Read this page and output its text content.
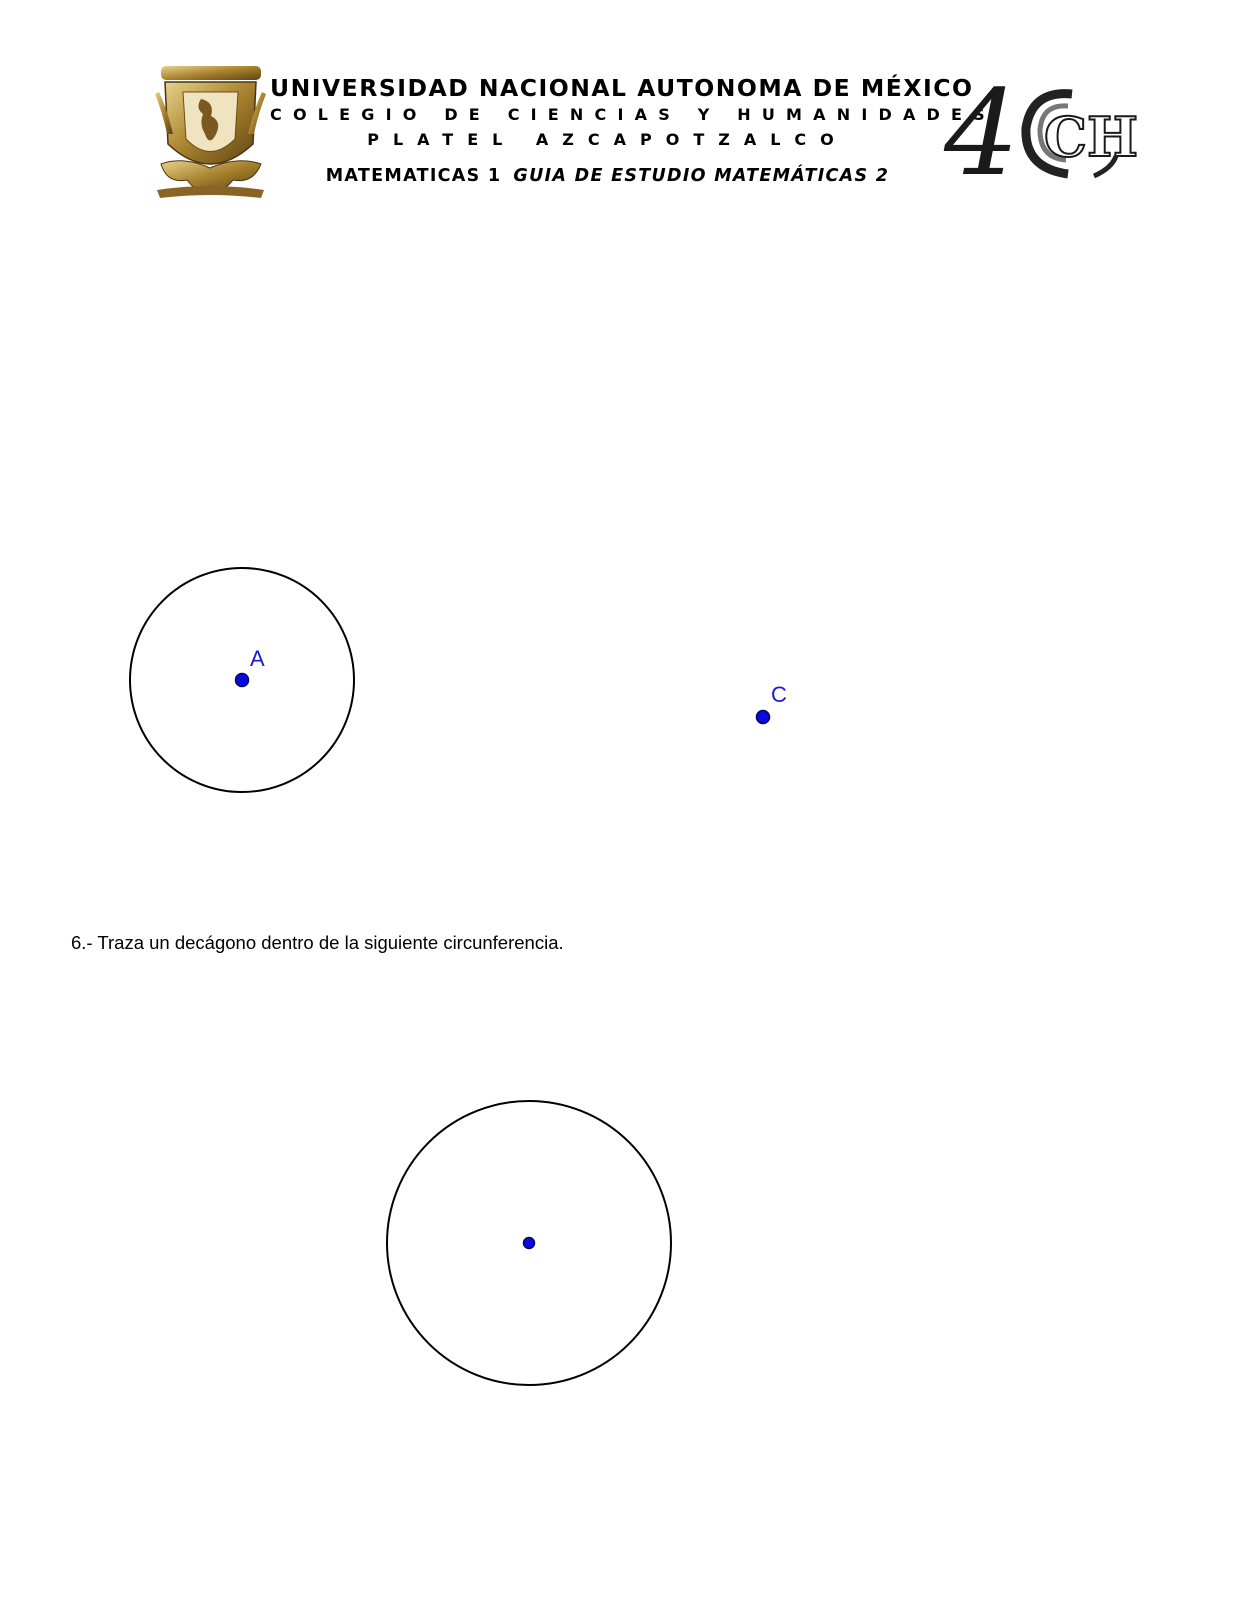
UNIVERSIDAD NACIONAL AUTONOMA DE MÉXICO
COLEGIO DE CIENCIAS Y HUMANIDADES
PLATEL AZCAPOTZALCO
MATEMATICAS 1 GUIA DE ESTUDIO MATEMÁTICAS 2 4 CH
A
C
6.- Traza un decágono dentro de la siguiente circunferencia.
